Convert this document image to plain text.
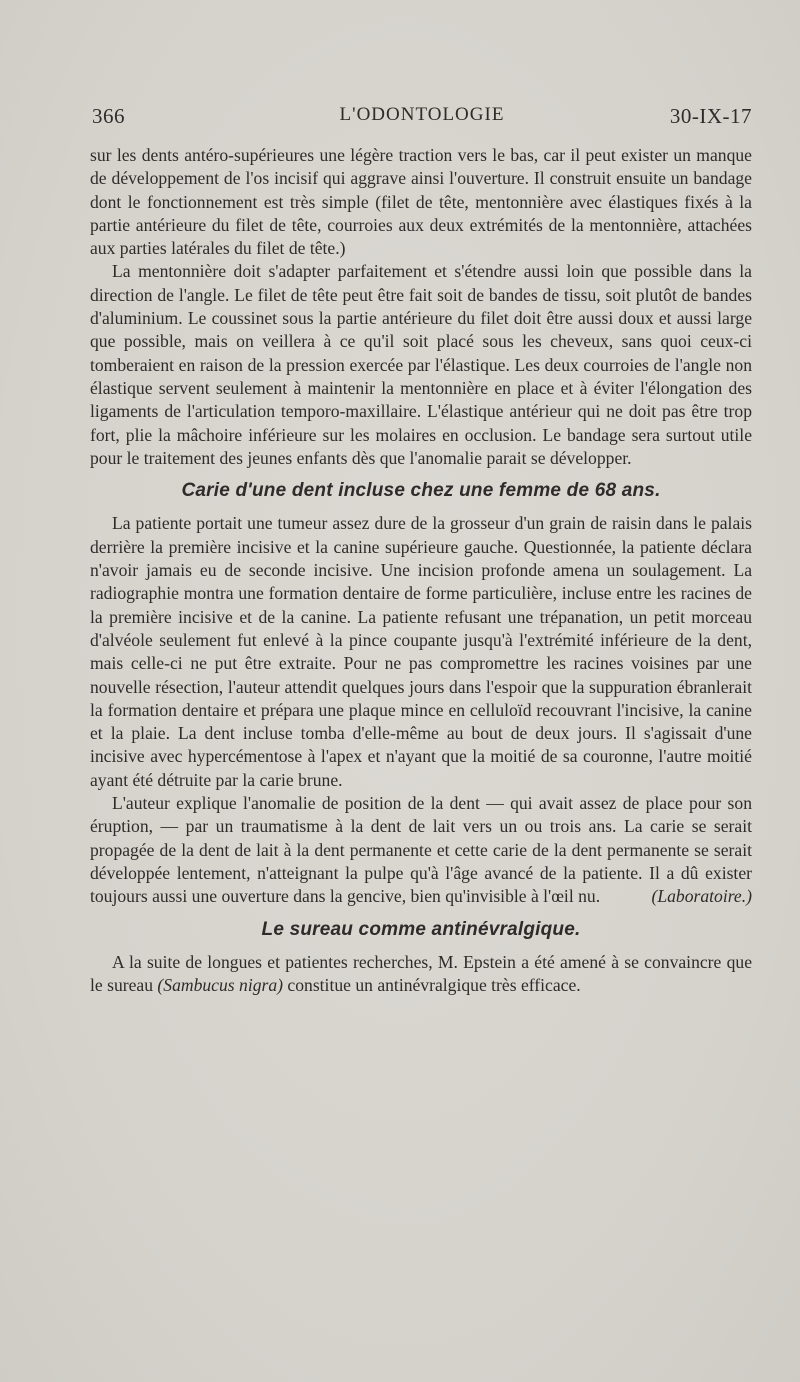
366	L'ODONTOLOGIE	30-IX-17

sur les dents antéro-supérieures une légère traction vers le bas, car il peut exister un manque de développement de l'os incisif qui aggrave ainsi l'ouverture. Il construit ensuite un bandage dont le fonctionnement est très simple (filet de tête, mentonnière avec élastiques fixés à la partie antérieure du filet de tête, courroies aux deux extrémités de la mentonnière, attachées aux parties latérales du filet de tête.)

La mentonnière doit s'adapter parfaitement et s'étendre aussi loin que possible dans la direction de l'angle. Le filet de tête peut être fait soit de bandes de tissu, soit plutôt de bandes d'aluminium. Le coussinet sous la partie antérieure du filet doit être aussi doux et aussi large que possible, mais on veillera à ce qu'il soit placé sous les cheveux, sans quoi ceux-ci tomberaient en raison de la pression exercée par l'élastique. Les deux courroies de l'angle non élastique servent seulement à maintenir la mentonnière en place et à éviter l'élongation des ligaments de l'articulation temporo-maxillaire. L'élastique antérieur qui ne doit pas être trop fort, plie la mâchoire inférieure sur les molaires en occlusion. Le bandage sera surtout utile pour le traitement des jeunes enfants dès que l'anomalie parait se développer.

Carie d'une dent incluse chez une femme de 68 ans.

La patiente portait une tumeur assez dure de la grosseur d'un grain de raisin dans le palais derrière la première incisive et la canine supérieure gauche. Questionnée, la patiente déclara n'avoir jamais eu de seconde incisive. Une incision profonde amena un soulagement. La radiographie montra une formation dentaire de forme particulière, incluse entre les racines de la première incisive et de la canine. La patiente refusant une trépanation, un petit morceau d'alvéole seulement fut enlevé à la pince coupante jusqu'à l'extrémité inférieure de la dent, mais celle-ci ne put être extraite. Pour ne pas compromettre les racines voisines par une nouvelle résection, l'auteur attendit quelques jours dans l'espoir que la suppuration ébranlerait la formation dentaire et prépara une plaque mince en celluloïd recouvrant l'incisive, la canine et la plaie. La dent incluse tomba d'elle-même au bout de deux jours. Il s'agissait d'une incisive avec hypercémentose à l'apex et n'ayant que la moitié de sa couronne, l'autre moitié ayant été détruite par la carie brune.

L'auteur explique l'anomalie de position de la dent — qui avait assez de place pour son éruption, — par un traumatisme à la dent de lait vers un ou trois ans. La carie se serait propagée de la dent de lait à la dent permanente et cette carie de la dent permanente se serait développée lentement, n'atteignant la pulpe qu'à l'âge avancé de la patiente. Il a dû exister toujours aussi une ouverture dans la gencive, bien qu'invisible à l'œil nu.	(Laboratoire.)

Le sureau comme antinévralgique.

A la suite de longues et patientes recherches, M. Epstein a été amené à se convaincre que le sureau (Sambucus nigra) constitue un antinévralgique très efficace.
